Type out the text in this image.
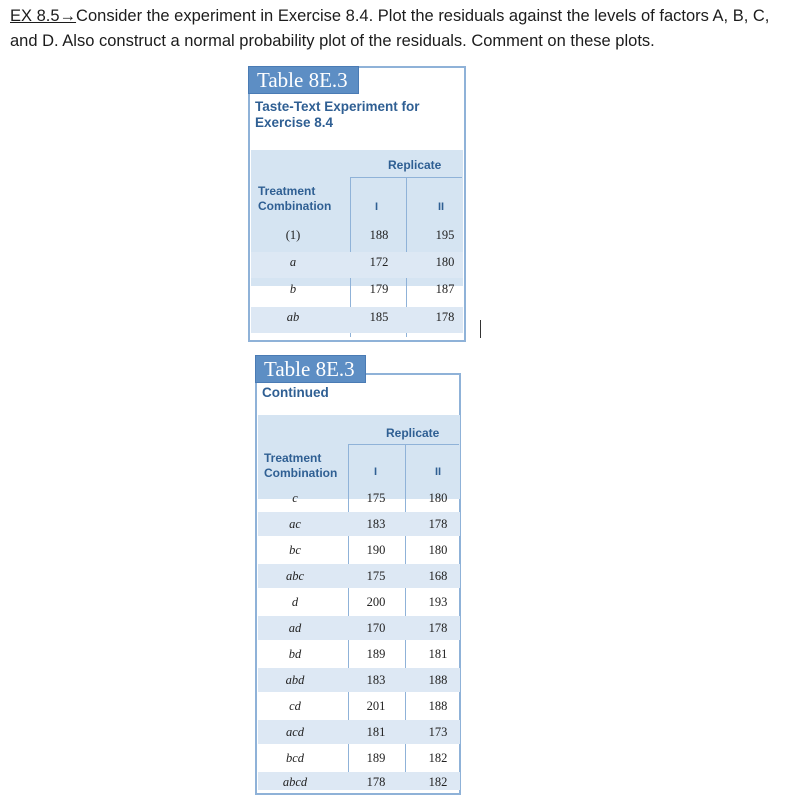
EX 8.5→Consider the experiment in Exercise 8.4. Plot the residuals against the levels of factors A, B, C, and D. Also construct a normal probability plot of the residuals. Comment on these plots.
Table 8E.3
Taste-Text Experiment for Exercise 8.4
Replicate
Treatment Combination	I	II
(1)	188	195
a	172	180
b	179	187
ab	185	178
Table 8E.3
Continued
Replicate
Treatment Combination	I	II
c	175	180
ac	183	178
bc	190	180
abc	175	168
d	200	193
ad	170	178
bd	189	181
abd	183	188
cd	201	188
acd	181	173
bcd	189	182
abcd	178	182
